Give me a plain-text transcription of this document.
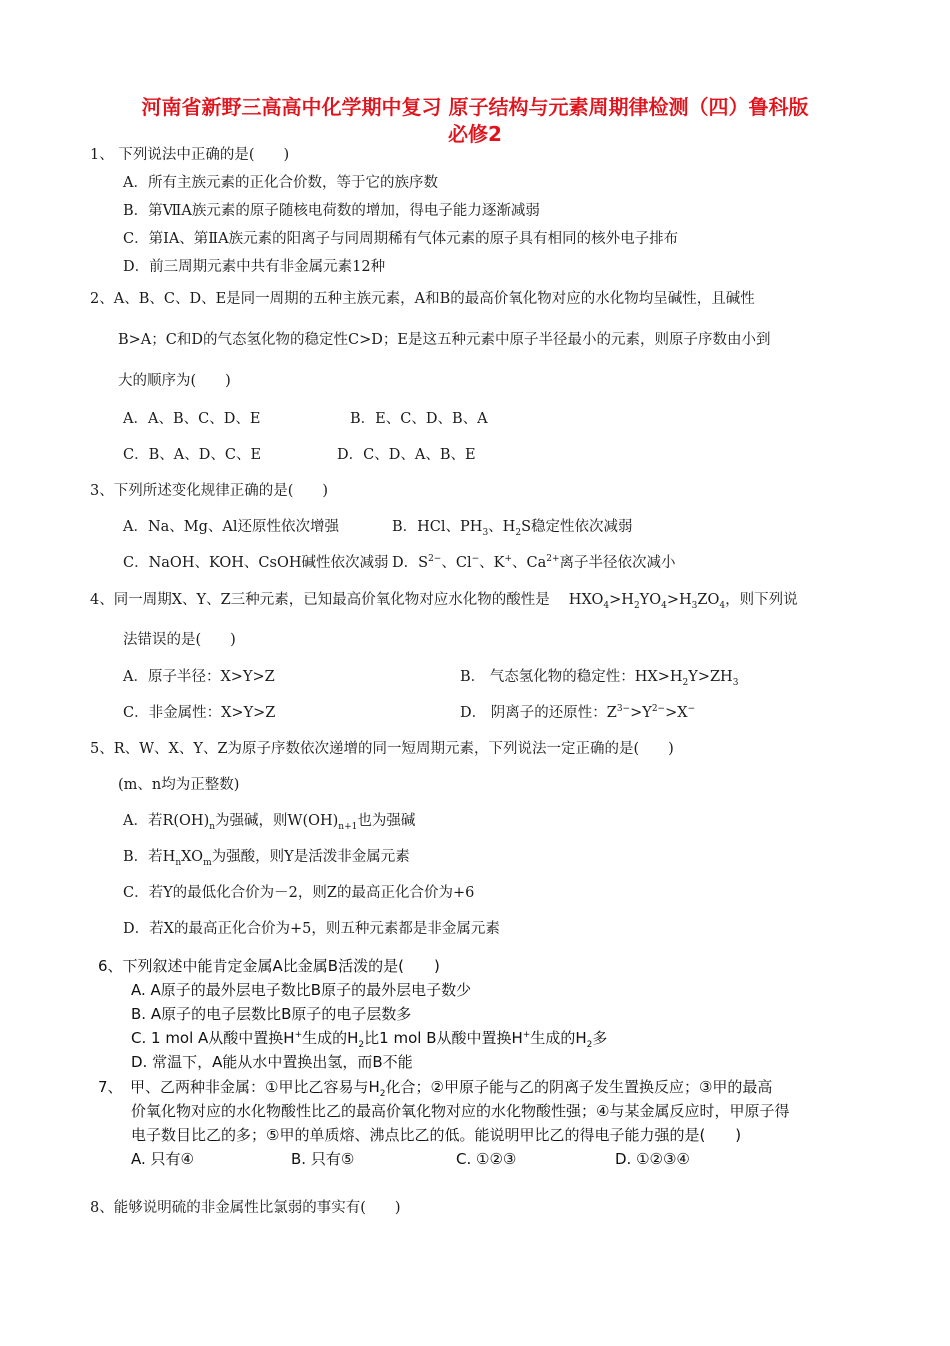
河南省新野三高高中化学期中复习 原子结构与元素周期律检测（四）鲁科版
必修2
1、 下列说法中正确的是(　　)
A．所有主族元素的正化合价数，等于它的族序数
B．第ⅦA族元素的原子随核电荷数的增加，得电子能力逐渐减弱
C．第ⅠA、第ⅡA族元素的阳离子与同周期稀有气体元素的原子具有相同的核外电子排布
D．前三周期元素中共有非金属元素12种
2、A、B、C、D、E是同一周期的五种主族元素，A和B的最高价氧化物对应的水化物均呈碱性，且碱性
B>A；C和D的气态氢化物的稳定性C>D；E是这五种元素中原子半径最小的元素，则原子序数由小到
大的顺序为(　　)
A．A、B、C、D、E	B．E、C、D、B、A
C．B、A、D、C、E	D．C、D、A、B、E
3、下列所述变化规律正确的是(　　)
A．Na、Mg、Al还原性依次增强	B．HCl、$PH_3$、$H_2S$稳定性依次减弱
C．NaOH、KOH、CsOH碱性依次减弱 D．$S^{2-}$、Cl−、K+、$Ca^{2+}$离子半径依次减小
4、同一周期X、Y、Z三种元素，已知最高价氧化物对应水化物的酸性是　 $HXO_4>H_2YO_4>H_3ZO_4$，则下列说
法错误的是(　　)
A．原子半径：X>Y>Z	B． 气态氢化物的稳定性：$HX>H_2Y>ZH_3$
C．非金属性：X>Y>Z	D． 阴离子的还原性：$Z^{3-}>Y^{2-}>X^-$
5、R、W、X、Y、Z为原子序数依次递增的同一短周期元素，下列说法一定正确的是(　　)
(m、n均为正整数)
A．若$R(OH)_n$为强碱，则$W(OH)_{n+1}$也为强碱
B．若$H_nXO_m$为强酸，则Y是活泼非金属元素
C．若Y的最低化合价为－2，则Z的最高正化合价为+6
D．若X的最高正化合价为+5，则五种元素都是非金属元素
6、下列叙述中能肯定金属A比金属B活泼的是(　　)
A. A原子的最外层电子数比B原子的最外层电子数少
B. A原子的电子层数比B原子的电子层数多
C. 1 mol A从酸中置换H+生成的$H_2$比1 mol B从酸中置换H+生成的$H_2$多
D. 常温下，A能从水中置换出氢，而B不能
7、　甲、乙两种非金属：①甲比乙容易与$H_2$化合；②甲原子能与乙的阴离子发生置换反应；③甲的最高
价氧化物对应的水化物酸性比乙的最高价氧化物对应的水化物酸性强；④与某金属反应时，甲原子得
电子数目比乙的多；⑤甲的单质熔、沸点比乙的低。能说明甲比乙的得电子能力强的是(　　)
A. 只有④	B. 只有⑤	C. ①②③	D. ①②③④
8、能够说明硫的非金属性比氯弱的事实有(　　)
